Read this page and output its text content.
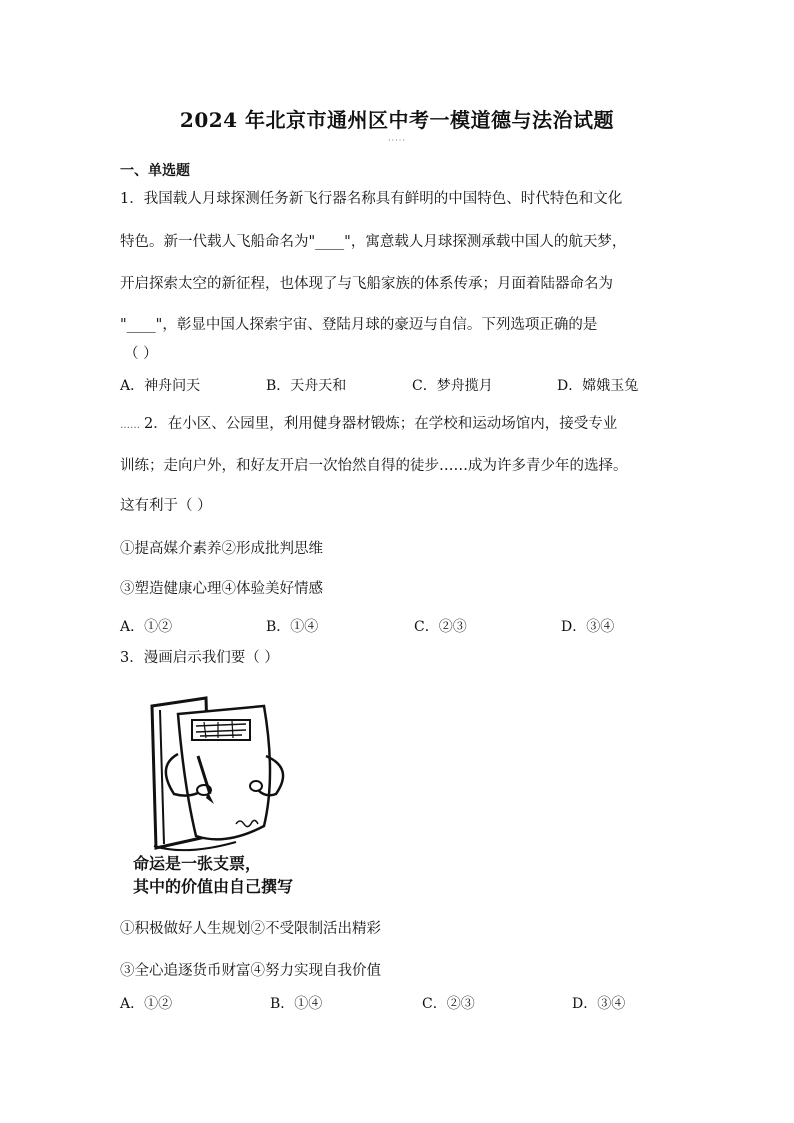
2024 年北京市通州区中考一模道德与法治试题
·····
一、单选题
1．我国载人月球探测任务新飞行器名称具有鲜明的中国特色、时代特色和文化
特色。新一代载人飞船命名为"____"，寓意载人月球探测承载中国人的航天梦，
开启探索太空的新征程，也体现了与飞船家族的体系传承；月面着陆器命名为
"____"，彰显中国人探索宇宙、登陆月球的豪迈与自信。下列选项正确的是
（ ）
A．神舟问天	B．天舟天和	C．梦舟揽月	D．嫦娥玉兔
…… 2．在小区、公园里，利用健身器材锻炼；在学校和运动场馆内，接受专业
训练；走向户外，和好友开启一次怡然自得的徒步……成为许多青少年的选择。
这有利于（ ）
①提高媒介素养②形成批判思维
③塑造健康心理④体验美好情感
A．①②	B．①④	C．②③	D．③④
3．漫画启示我们要（ ）
命运是一张支票，
其中的价值由自己撰写
①积极做好人生规划②不受限制活出精彩
③全心追逐货币财富④努力实现自我价值
A．①②	B．①④	C．②③	D．③④
